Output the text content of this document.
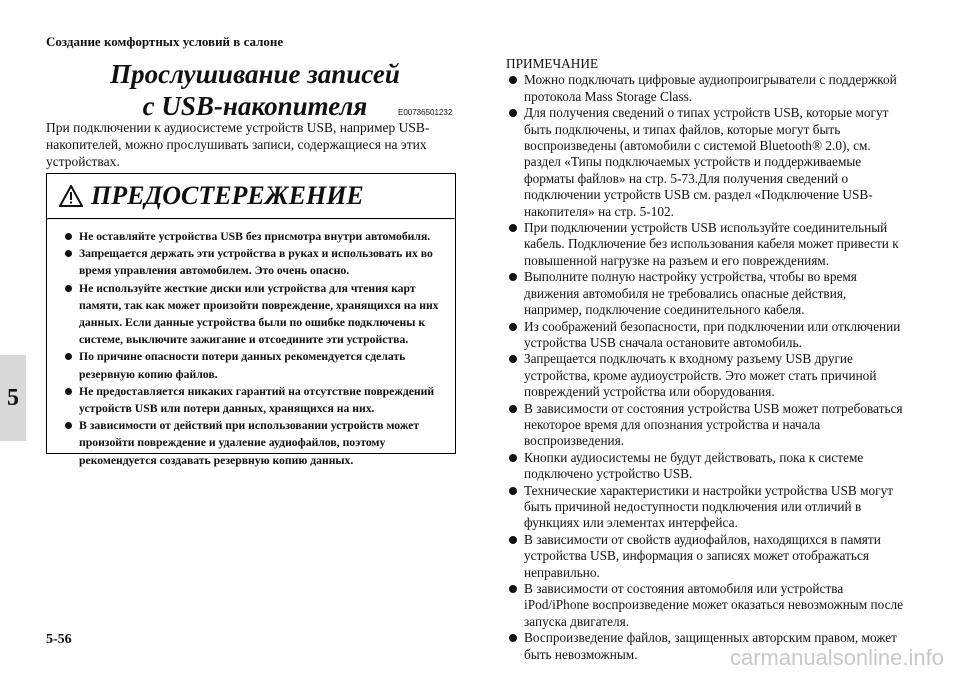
Создание комфортных условий в салоне
5
Прослушивание записей
с USB-накопителя	E00736501232
При подключении к аудиосистеме устройств USB, например USB-накопителей, можно прослушивать записи, содержащиеся на этих устройствах.
ПРЕДОСТЕРЕЖЕНИЕ
Не оставляйте устройства USB без присмотра внутри автомобиля.
Запрещается держать эти устройства в руках и использовать их во время управления автомобилем. Это очень опасно.
Не используйте жесткие диски или устройства для чтения карт памяти, так как может произойти повреждение, хранящихся на них данных. Если данные устройства были по ошибке подключены к системе, выключите зажигание и отсоедините эти устройства.
По причине опасности потери данных рекомендуется сделать резервную копию файлов.
Не предоставляется никаких гарантий на отсутствие повреждений устройств USB или потери данных, хранящихся на них.
В зависимости от действий при использовании устройств может произойти повреждение и удаление аудиофайлов, поэтому рекомендуется создавать резервную копию данных.
ПРИМЕЧАНИЕ
Можно подключать цифровые аудиопроигрыватели с поддержкой протокола Mass Storage Class.
Для получения сведений о типах устройств USB, которые могут быть подключены, и типах файлов, которые могут быть воспроизведены (автомобили с системой Bluetooth® 2.0), см. раздел «Типы подключаемых устройств и поддерживаемые форматы файлов» на стр. 5-73.Для получения сведений о подключении устройств USB см. раздел «Подключение USB-накопителя» на стр. 5-102.
При подключении устройств USB используйте соединительный кабель. Подключение без использования кабеля может привести к повышенной нагрузке на разъем и его повреждениям.
Выполните полную настройку устройства, чтобы во время движения автомобиля не требовались опасные действия, например, подключение соединительного кабеля.
Из соображений безопасности, при подключении или отключении устройства USB сначала остановите автомобиль.
Запрещается подключать к входному разъему USB другие устройства, кроме аудиоустройств. Это может стать причиной повреждений устройства или оборудования.
В зависимости от состояния устройства USB может потребоваться некоторое время для опознания устройства и начала воспроизведения.
Кнопки аудиосистемы не будут действовать, пока к системе подключено устройство USB.
Технические характеристики и настройки устройства USB могут быть причиной недоступности подключения или отличий в функциях или элементах интерфейса.
В зависимости от свойств аудиофайлов, находящихся в памяти устройства USB, информация о записях может отображаться неправильно.
В зависимости от состояния автомобиля или устройства iPod/iPhone воспроизведение может оказаться невозможным после запуска двигателя.
Воспроизведение файлов, защищенных авторским правом, может быть невозможным.
5-56
carmanualsonline.info
